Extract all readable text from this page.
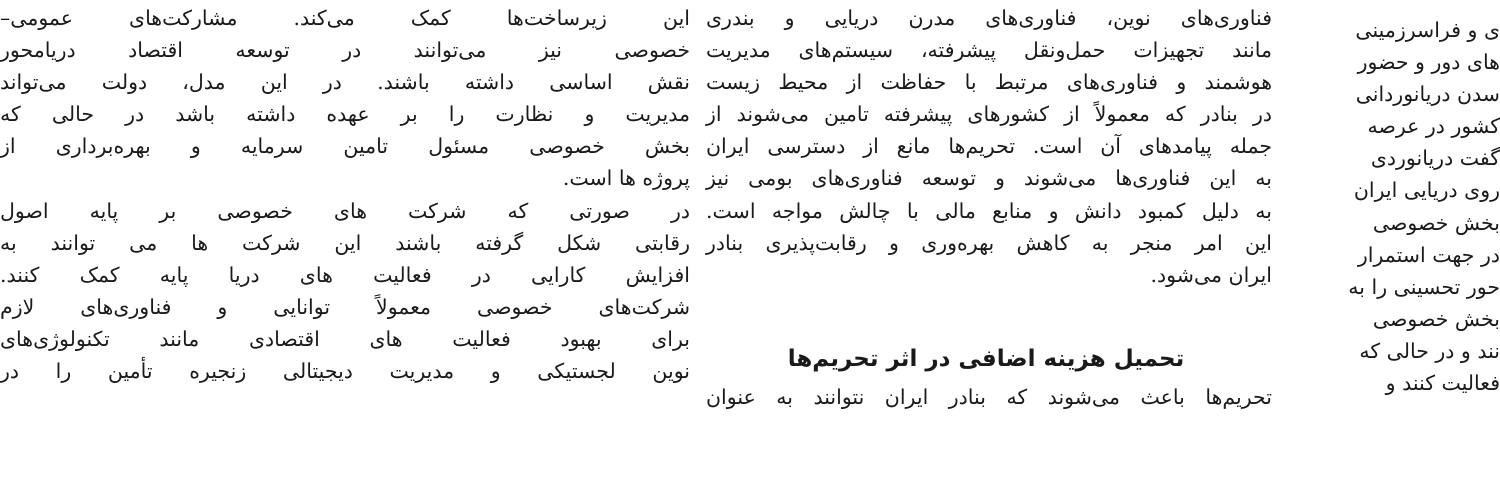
این زیرساخت‌ها کمک می‌کند. مشارکت‌های عمومی–
خصوصی نیز می‌توانند در توسعه اقتصاد دریامحور
نقش اساسی داشته باشند. در این مدل، دولت می‌تواند
مدیریت و نظارت را بر عهده داشته باشد در حالی که
بخش خصوصی مسئول تامین سرمایه و بهره‌برداری از
پروژه ها است.
در صورتی که شرکت های خصوصی بر پایه اصول
رقابتی شکل گرفته باشند این شرکت ها می توانند به
افزایش کارایی در فعالیت های دریا پایه کمک کنند.
شرکت‌های خصوصی معمولاً توانایی و فناوری‌های لازم
برای بهبود فعالیت های اقتصادی مانند تکنولوژی‌های
نوین لجستیکی و مدیریت دیجیتالی زنجیره تأمین را در
فناوری‌های نوین، فناوری‌های مدرن دریایی و بندری
مانند تجهیزات حمل‌ونقل پیشرفته، سیستم‌های مدیریت
هوشمند و فناوری‌های مرتبط با حفاظت از محیط زیست
در بنادر که معمولاً از کشورهای پیشرفته تامین می‌شوند از
جمله پیامدهای آن است. تحریم‌ها مانع از دسترسی ایران
به این فناوری‌ها می‌شوند و توسعه فناوری‌های بومی نیز
به دلیل کمبود دانش و منابع مالی با چالش مواجه است.
این امر منجر به کاهش بهره‌وری و رقابت‌پذیری بنادر
ایران می‌شود.
تحمیل هزینه اضافی در اثر تحریم‌ها
تحریم‌ها باعث می‌شوند که بنادر ایران نتوانند به عنوان
ی و فراسرزمینی
های دور و حضور
سدن دریانوردانی
کشور در عرصه
گفت دریانوردی
روی دریایی ایران
بخش خصوصی
در جهت استمرار
حور تحسینی را به
بخش خصوصی
نند و در حالی که
فعالیت کنند و
